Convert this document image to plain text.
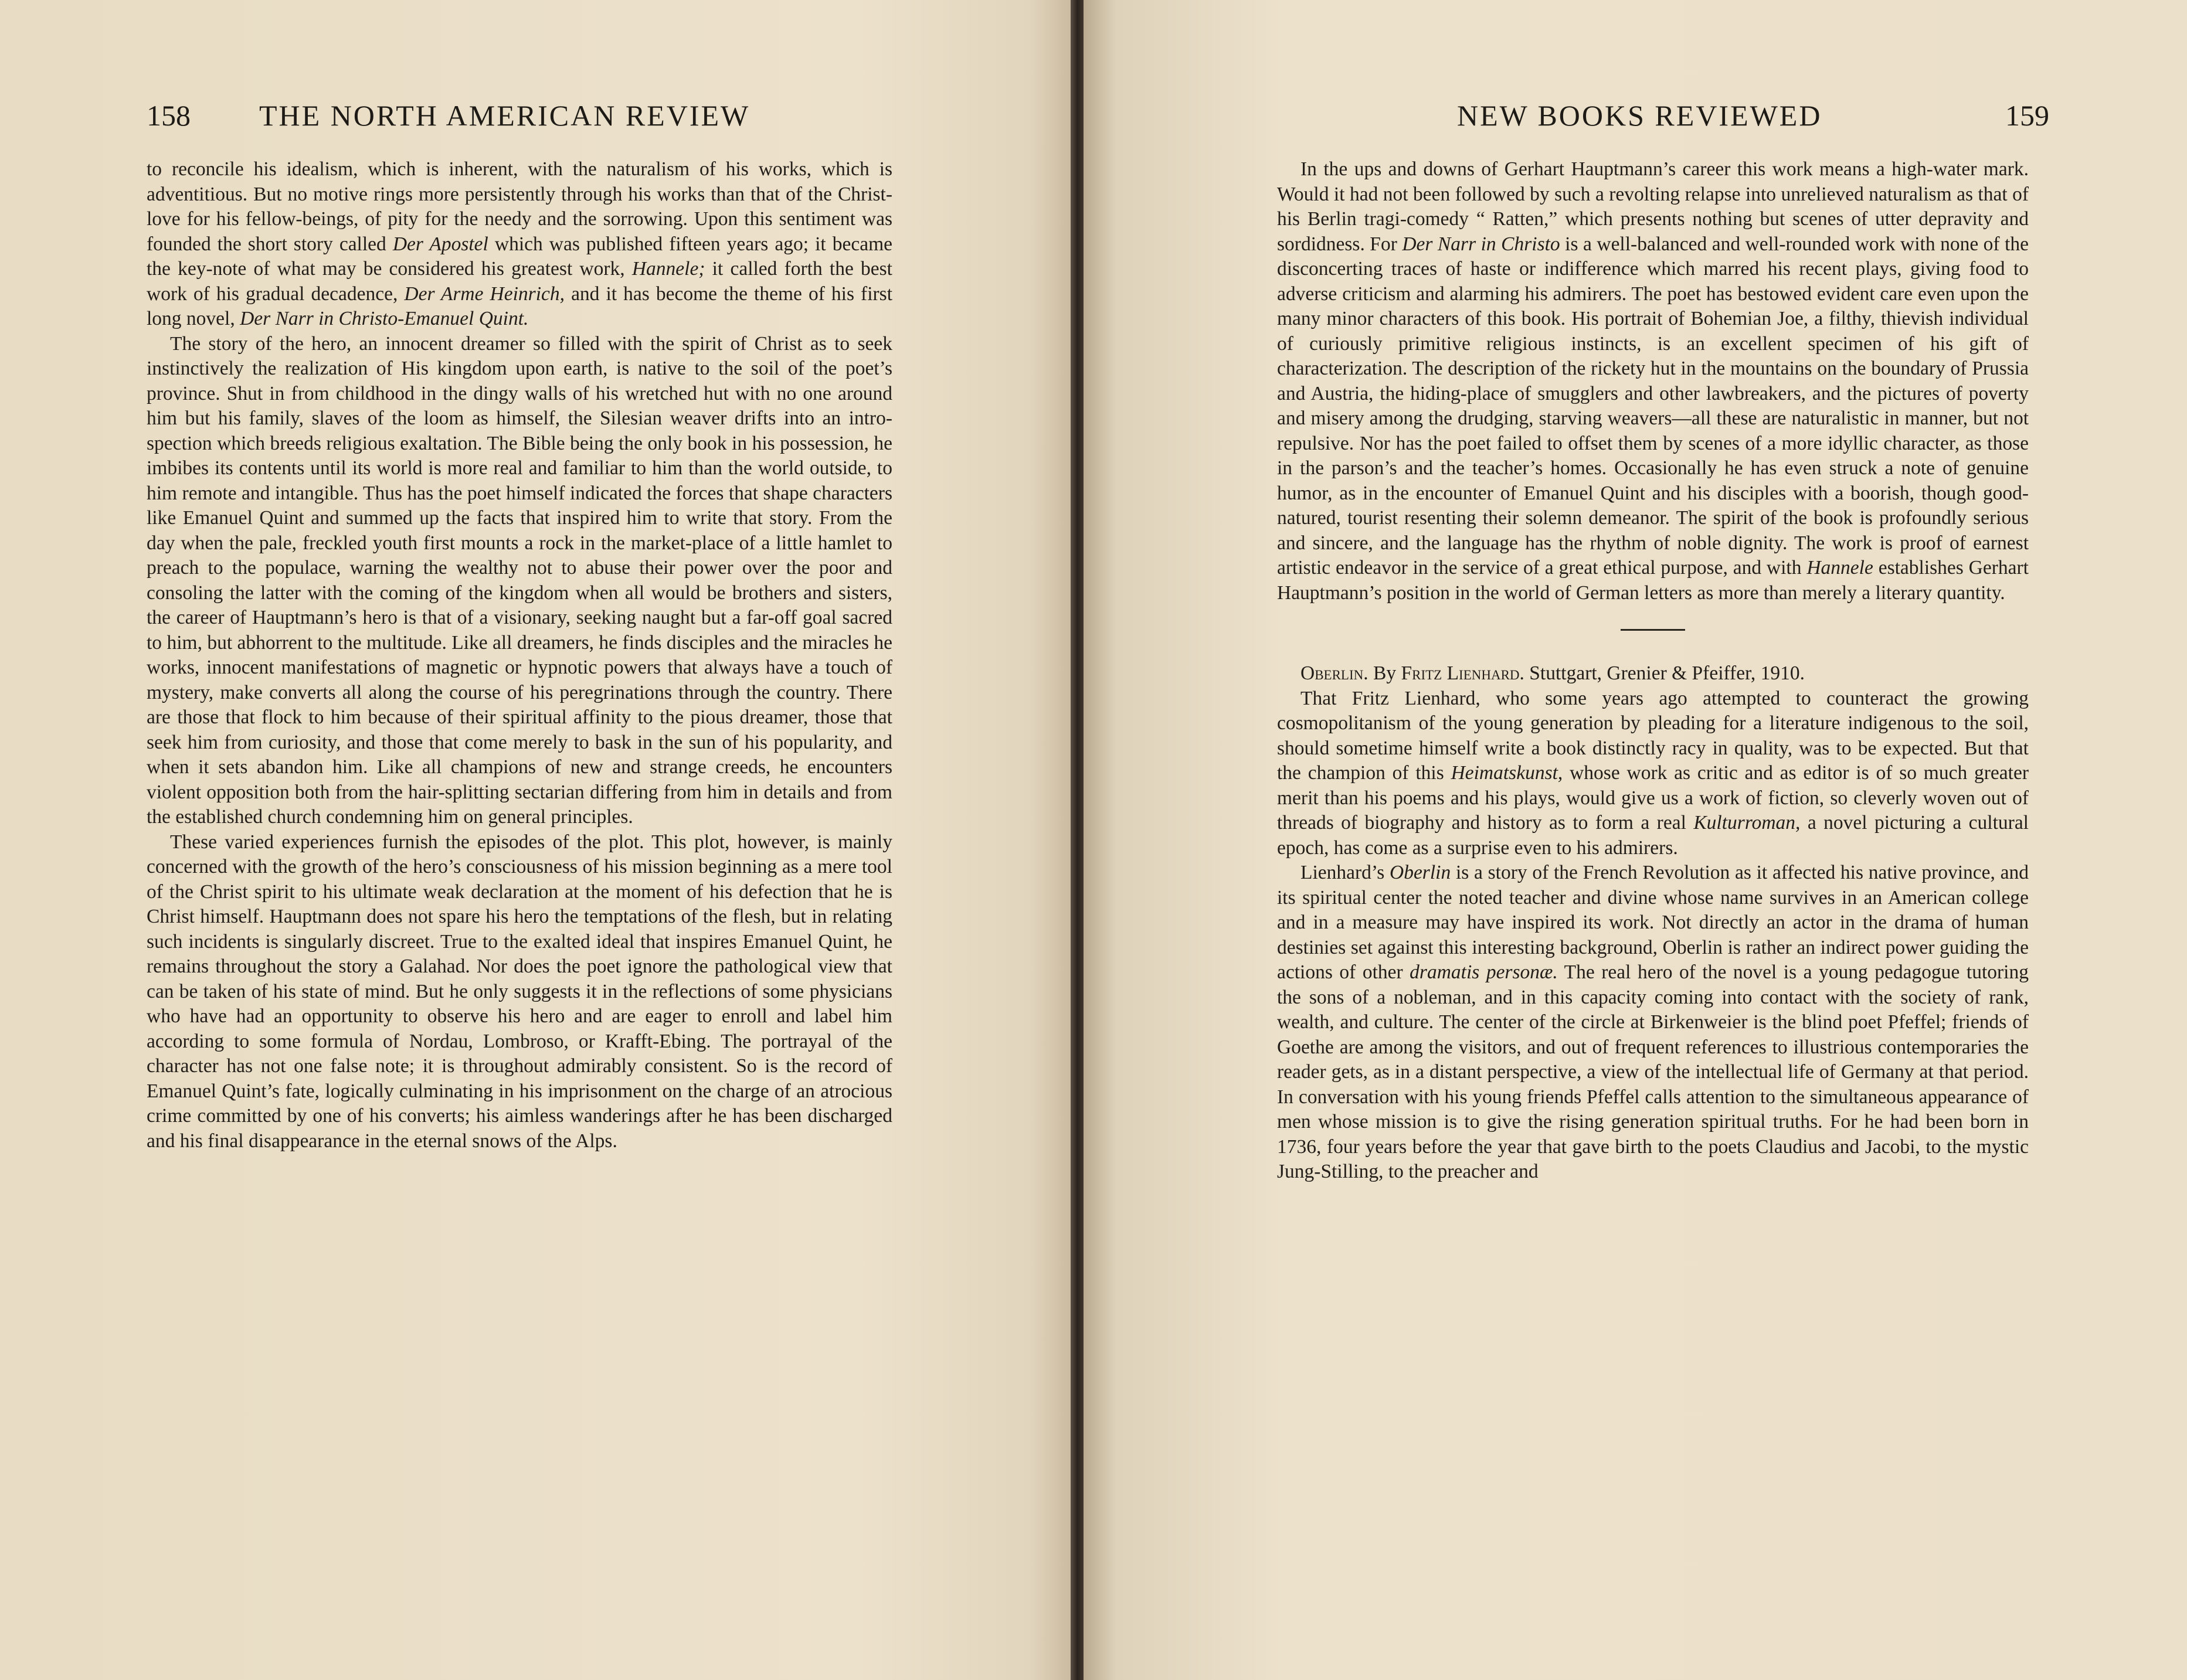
158 THE NORTH AMERICAN REVIEW

to reconcile his idealism, which is inherent, with the naturalism of his works, which is adventitious. But no motive rings more persistently through his works than that of the Christ-love for his fellow-beings, of pity for the needy and the sorrowing. Upon this sentiment was founded the short story called Der Apostel which was published fifteen years ago; it became the key-note of what may be considered his greatest work, Hannele; it called forth the best work of his gradual decadence, Der Arme Heinrich, and it has become the theme of his first long novel, Der Narr in Christo-Emanuel Quint.

The story of the hero, an innocent dreamer so filled with the spirit of Christ as to seek instinctively the realization of His kingdom upon earth, is native to the soil of the poet’s province. Shut in from childhood in the dingy walls of his wretched hut with no one around him but his family, slaves of the loom as himself, the Silesian weaver drifts into an introspection which breeds religious exaltation. The Bible being the only book in his possession, he imbibes its contents until its world is more real and familiar to him than the world outside, to him remote and intangible. Thus has the poet himself indicated the forces that shape characters like Emanuel Quint and summed up the facts that inspired him to write that story. From the day when the pale, freckled youth first mounts a rock in the market-place of a little hamlet to preach to the populace, warning the wealthy not to abuse their power over the poor and consoling the latter with the coming of the kingdom when all would be brothers and sisters, the career of Hauptmann’s hero is that of a visionary, seeking naught but a far-off goal sacred to him, but abhorrent to the multitude. Like all dreamers, he finds disciples and the miracles he works, innocent manifestations of magnetic or hypnotic powers that always have a touch of mystery, make converts all along the course of his peregrinations through the country. There are those that flock to him because of their spiritual affinity to the pious dreamer, those that seek him from curiosity, and those that come merely to bask in the sun of his popularity, and when it sets abandon him. Like all champions of new and strange creeds, he encounters violent opposition both from the hair-splitting sectarian differing from him in details and from the established church condemning him on general principles.

These varied experiences furnish the episodes of the plot. This plot, however, is mainly concerned with the growth of the hero’s consciousness of his mission beginning as a mere tool of the Christ spirit to his ultimate weak declaration at the moment of his defection that he is Christ himself. Hauptmann does not spare his hero the temptations of the flesh, but in relating such incidents is singularly discreet. True to the exalted ideal that inspires Emanuel Quint, he remains throughout the story a Galahad. Nor does the poet ignore the pathological view that can be taken of his state of mind. But he only suggests it in the reflections of some physicians who have had an opportunity to observe his hero and are eager to enroll and label him according to some formula of Nordau, Lombroso, or Krafft-Ebing. The portrayal of the character has not one false note; it is throughout admirably consistent. So is the record of Emanuel Quint’s fate, logically culminating in his imprisonment on the charge of an atrocious crime committed by one of his converts; his aimless wanderings after he has been discharged and his final disappearance in the eternal snows of the Alps.

NEW BOOKS REVIEWED	159

In the ups and downs of Gerhart Hauptmann’s career this work means a high-water mark. Would it had not been followed by such a revolting relapse into unrelieved naturalism as that of his Berlin tragi-comedy “ Ratten,” which presents nothing but scenes of utter depravity and sordidness. For Der Narr in Christo is a well-balanced and well-rounded work with none of the disconcerting traces of haste or indifference which marred his recent plays, giving food to adverse criticism and alarming his admirers. The poet has bestowed evident care even upon the many minor characters of this book. His portrait of Bohemian Joe, a filthy, thievish individual of curiously primitive religious instincts, is an excellent specimen of his gift of characterization. The description of the rickety hut in the mountains on the boundary of Prussia and Austria, the hiding-place of smugglers and other lawbreakers, and the pictures of poverty and misery among the drudging, starving weavers—all these are naturalistic in manner, but not repulsive. Nor has the poet failed to offset them by scenes of a more idyllic character, as those in the parson’s and the teacher’s homes. Occasionally he has even struck a note of genuine humor, as in the encounter of Emanuel Quint and his disciples with a boorish, though good-natured, tourist resenting their solemn demeanor. The spirit of the book is profoundly serious and sincere, and the language has the rhythm of noble dignity. The work is proof of earnest artistic endeavor in the service of a great ethical purpose, and with Hannele establishes Gerhart Hauptmann’s position in the world of German letters as more than merely a literary quantity.

Oberlin. By Fritz Lienhard. Stuttgart, Grenier & Pfeiffer, 1910.

That Fritz Lienhard, who some years ago attempted to counteract the growing cosmopolitanism of the young generation by pleading for a literature indigenous to the soil, should sometime himself write a book distinctly racy in quality, was to be expected. But that the champion of this Heimatskunst, whose work as critic and as editor is of so much greater merit than his poems and his plays, would give us a work of fiction, so cleverly woven out of threads of biography and history as to form a real Kulturroman, a novel picturing a cultural epoch, has come as a surprise even to his admirers.

Lienhard’s Oberlin is a story of the French Revolution as it affected his native province, and its spiritual center the noted teacher and divine whose name survives in an American college and in a measure may have inspired its work. Not directly an actor in the drama of human destinies set against this interesting background, Oberlin is rather an indirect power guiding the actions of other dramatis personæ. The real hero of the novel is a young pedagogue tutoring the sons of a nobleman, and in this capacity coming into contact with the society of rank, wealth, and culture. The center of the circle at Birkenweier is the blind poet Pfeffel; friends of Goethe are among the visitors, and out of frequent references to illustrious contemporaries the reader gets, as in a distant perspective, a view of the intellectual life of Germany at that period. In conversation with his young friends Pfeffel calls attention to the simultaneous appearance of men whose mission is to give the rising generation spiritual truths. For he had been born in 1736, four years before the year that gave birth to the poets Claudius and Jacobi, to the mystic Jung-Stilling, to the preacher and
